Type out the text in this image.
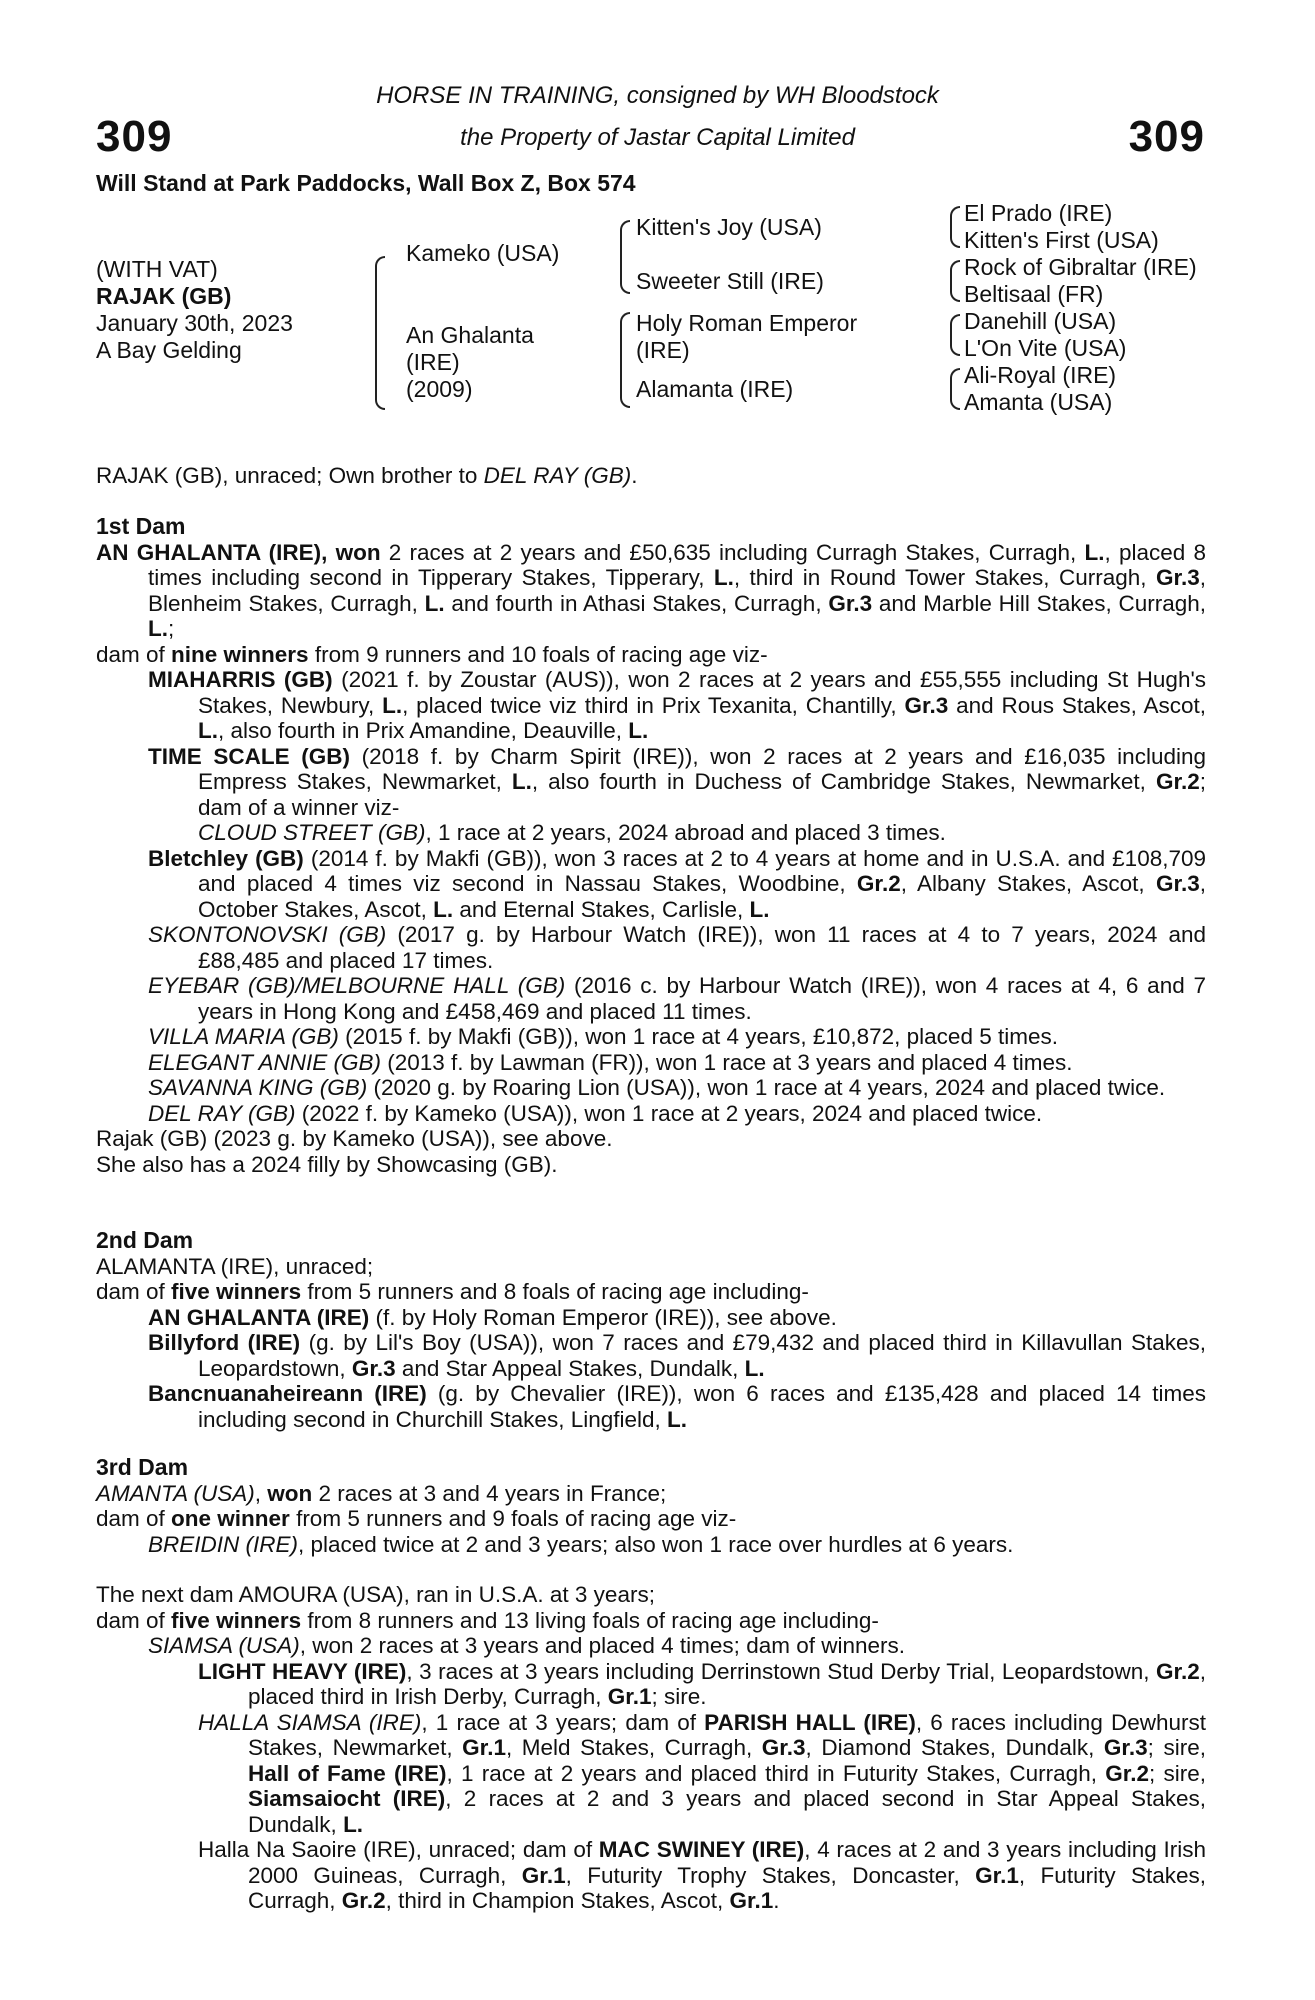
309	309
HORSE IN TRAINING, consigned by WH Bloodstock
the Property of Jastar Capital Limited
Will Stand at Park Paddocks, Wall Box Z, Box 574
(WITH VAT)
RAJAK (GB)
January 30th, 2023
A Bay Gelding
Kameko (USA)
An Ghalanta
(IRE)
(2009)
Kitten's Joy (USA)
Sweeter Still (IRE)
Holy Roman Emperor
(IRE)
Alamanta (IRE)
El Prado (IRE)
Kitten's First (USA)
Rock of Gibraltar (IRE)
Beltisaal (FR)
Danehill (USA)
L'On Vite (USA)
Ali-Royal (IRE)
Amanta (USA)

RAJAK (GB), unraced; Own brother to DEL RAY (GB).

1st Dam

AN GHALANTA (IRE), won 2 races at 2 years and £50,635 including Curragh Stakes, Curragh, L., placed 8 times including second in Tipperary Stakes, Tipperary, L., third in Round Tower Stakes, Curragh, Gr.3, Blenheim Stakes, Curragh, L. and fourth in Athasi Stakes, Curragh, Gr.3 and Marble Hill Stakes, Curragh, L.;

dam of nine winners from 9 runners and 10 foals of racing age viz-

MIAHARRIS (GB) (2021 f. by Zoustar (AUS)), won 2 races at 2 years and £55,555 including St Hugh's Stakes, Newbury, L., placed twice viz third in Prix Texanita, Chantilly, Gr.3 and Rous Stakes, Ascot, L., also fourth in Prix Amandine, Deauville, L.

TIME SCALE (GB) (2018 f. by Charm Spirit (IRE)), won 2 races at 2 years and £16,035 including Empress Stakes, Newmarket, L., also fourth in Duchess of Cambridge Stakes, Newmarket, Gr.2; dam of a winner viz-

CLOUD STREET (GB), 1 race at 2 years, 2024 abroad and placed 3 times.

Bletchley (GB) (2014 f. by Makfi (GB)), won 3 races at 2 to 4 years at home and in U.S.A. and £108,709 and placed 4 times viz second in Nassau Stakes, Woodbine, Gr.2, Albany Stakes, Ascot, Gr.3, October Stakes, Ascot, L. and Eternal Stakes, Carlisle, L.

SKONTONOVSKI (GB) (2017 g. by Harbour Watch (IRE)), won 11 races at 4 to 7 years, 2024 and £88,485 and placed 17 times.

EYEBAR (GB)/MELBOURNE HALL (GB) (2016 c. by Harbour Watch (IRE)), won 4 races at 4, 6 and 7 years in Hong Kong and £458,469 and placed 11 times.

VILLA MARIA (GB) (2015 f. by Makfi (GB)), won 1 race at 4 years, £10,872, placed 5 times.

ELEGANT ANNIE (GB) (2013 f. by Lawman (FR)), won 1 race at 3 years and placed 4 times.

SAVANNA KING (GB) (2020 g. by Roaring Lion (USA)), won 1 race at 4 years, 2024 and placed twice.

DEL RAY (GB) (2022 f. by Kameko (USA)), won 1 race at 2 years, 2024 and placed twice.

Rajak (GB) (2023 g. by Kameko (USA)), see above.

She also has a 2024 filly by Showcasing (GB).

2nd Dam

ALAMANTA (IRE), unraced;

dam of five winners from 5 runners and 8 foals of racing age including-

AN GHALANTA (IRE) (f. by Holy Roman Emperor (IRE)), see above.

Billyford (IRE) (g. by Lil's Boy (USA)), won 7 races and £79,432 and placed third in Killavullan Stakes, Leopardstown, Gr.3 and Star Appeal Stakes, Dundalk, L.

Bancnuanaheireann (IRE) (g. by Chevalier (IRE)), won 6 races and £135,428 and placed 14 times including second in Churchill Stakes, Lingfield, L.

3rd Dam

AMANTA (USA), won 2 races at 3 and 4 years in France;

dam of one winner from 5 runners and 9 foals of racing age viz-

BREIDIN (IRE), placed twice at 2 and 3 years; also won 1 race over hurdles at 6 years.

The next dam AMOURA (USA), ran in U.S.A. at 3 years;

dam of five winners from 8 runners and 13 living foals of racing age including-

SIAMSA (USA), won 2 races at 3 years and placed 4 times; dam of winners.

LIGHT HEAVY (IRE), 3 races at 3 years including Derrinstown Stud Derby Trial, Leopardstown, Gr.2, placed third in Irish Derby, Curragh, Gr.1; sire.

HALLA SIAMSA (IRE), 1 race at 3 years; dam of PARISH HALL (IRE), 6 races including Dewhurst Stakes, Newmarket, Gr.1, Meld Stakes, Curragh, Gr.3, Diamond Stakes, Dundalk, Gr.3; sire, Hall of Fame (IRE), 1 race at 2 years and placed third in Futurity Stakes, Curragh, Gr.2; sire, Siamsaiocht (IRE), 2 races at 2 and 3 years and placed second in Star Appeal Stakes, Dundalk, L.

Halla Na Saoire (IRE), unraced; dam of MAC SWINEY (IRE), 4 races at 2 and 3 years including Irish 2000 Guineas, Curragh, Gr.1, Futurity Trophy Stakes, Doncaster, Gr.1, Futurity Stakes, Curragh, Gr.2, third in Champion Stakes, Ascot, Gr.1.
